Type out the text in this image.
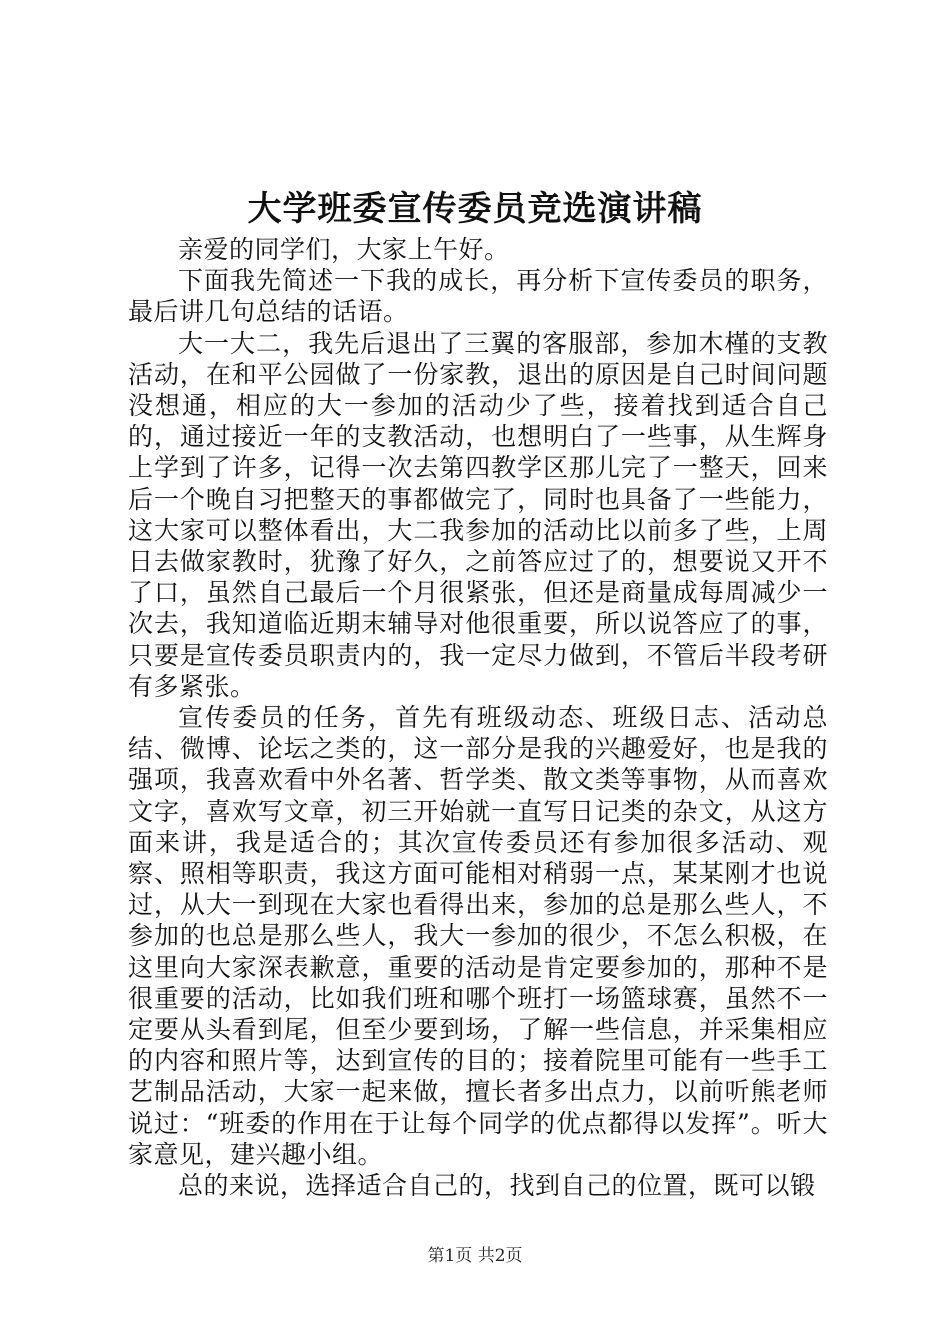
大学班委宣传委员竞选演讲稿

亲爱的同学们，大家上午好。

下面我先简述一下我的成长，再分析下宣传委员的职务，最后讲几句总结的话语。

大一大二，我先后退出了三翼的客服部，参加木槿的支教活动，在和平公园做了一份家教，退出的原因是自己时间问题没想通，相应的大一参加的活动少了些，接着找到适合自己的，通过接近一年的支教活动，也想明白了一些事，从生辉身上学到了许多，记得一次去第四教学区那儿完了一整天，回来后一个晚自习把整天的事都做完了，同时也具备了一些能力，这大家可以整体看出，大二我参加的活动比以前多了些，上周日去做家教时，犹豫了好久，之前答应过了的，想要说又开不了口，虽然自己最后一个月很紧张，但还是商量成每周减少一次去，我知道临近期末辅导对他很重要，所以说答应了的事，只要是宣传委员职责内的，我一定尽力做到，不管后半段考研有多紧张。

宣传委员的任务，首先有班级动态、班级日志、活动总结、微博、论坛之类的，这一部分是我的兴趣爱好，也是我的强项，我喜欢看中外名著、哲学类、散文类等事物，从而喜欢文字，喜欢写文章，初三开始就一直写日记类的杂文，从这方面来讲，我是适合的；其次宣传委员还有参加很多活动、观察、照相等职责，我这方面可能相对稍弱一点，某某刚才也说过，从大一到现在大家也看得出来，参加的总是那么些人，不参加的也总是那么些人，我大一参加的很少，不怎么积极，在这里向大家深表歉意，重要的活动是肯定要参加的，那种不是很重要的活动，比如我们班和哪个班打一场篮球赛，虽然不一定要从头看到尾，但至少要到场，了解一些信息，并采集相应的内容和照片等，达到宣传的目的；接着院里可能有一些手工艺制品活动，大家一起来做，擅长者多出点力，以前听熊老师说过：“班委的作用在于让每个同学的优点都得以发挥”。听大家意见，建兴趣小组。

总的来说，选择适合自己的，找到自己的位置，既可以锻

第1页 共2页
